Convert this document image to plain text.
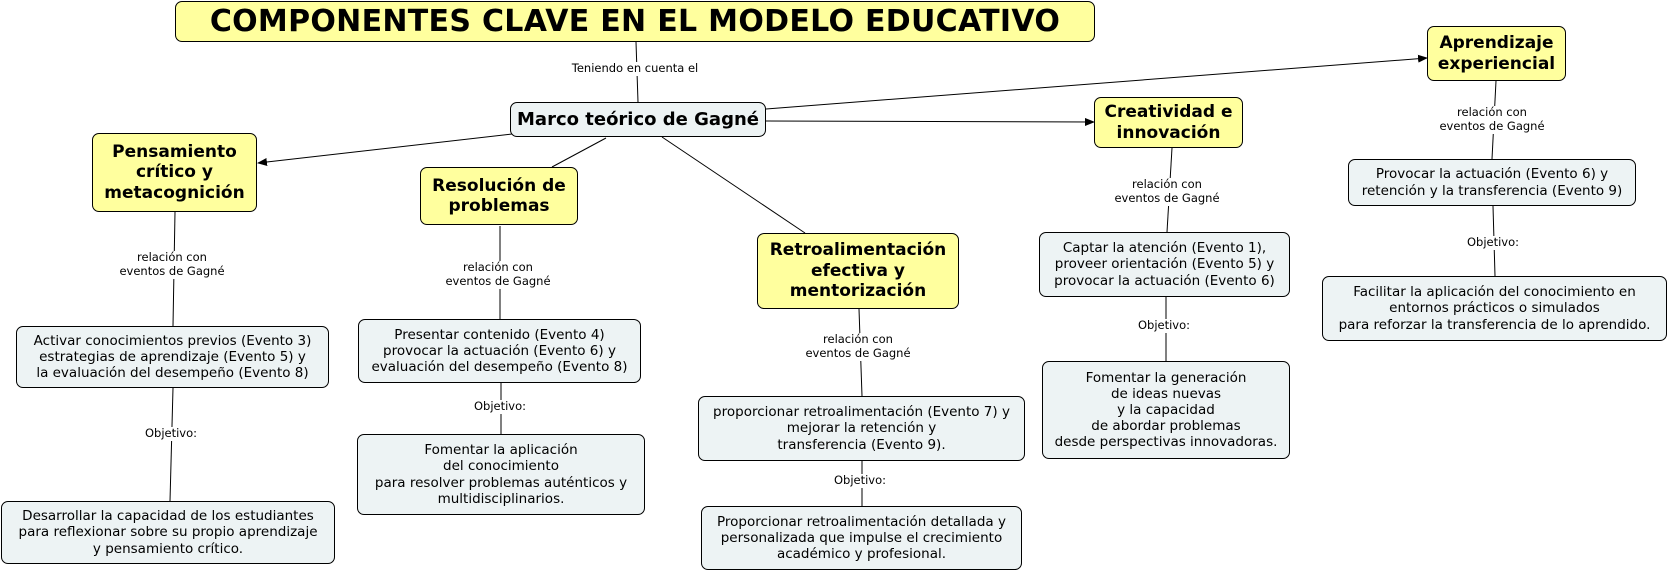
COMPONENTES CLAVE EN EL MODELO EDUCATIVO
Teniendo en cuenta el
Marco teórico de Gagné
Pensamiento
crítico y
metacognición
relación con
eventos de Gagné
Activar conocimientos previos (Evento 3)
estrategias de aprendizaje (Evento 5) y
la evaluación del desempeño (Evento 8)
Objetivo:
Desarrollar la capacidad de los estudiantes
para reflexionar sobre su propio aprendizaje
y pensamiento crítico.
Resolución de
problemas
relación con
eventos de Gagné
Presentar contenido (Evento 4)
provocar la actuación (Evento 6) y
evaluación del desempeño (Evento 8)
Objetivo:
Fomentar la aplicación
del conocimiento
para resolver problemas auténticos y
multidisciplinarios.
Retroalimentación
efectiva y
mentorización
relación con
eventos de Gagné
proporcionar retroalimentación (Evento 7) y
mejorar la retención y
transferencia (Evento 9).
Objetivo:
Proporcionar retroalimentación detallada y
personalizada que impulse el crecimiento
académico y profesional.
Creatividad e
innovación
relación con
eventos de Gagné
Captar la atención (Evento 1),
proveer orientación (Evento 5) y
provocar la actuación (Evento 6)
Objetivo:
Fomentar la generación
de ideas nuevas
y la capacidad
de abordar problemas
desde perspectivas innovadoras.
Aprendizaje
experiencial
relación con
eventos de Gagné
Provocar la actuación (Evento 6) y
retención y la transferencia (Evento 9)
Objetivo:
Facilitar la aplicación del conocimiento en
entornos prácticos o simulados
para reforzar la transferencia de lo aprendido.
